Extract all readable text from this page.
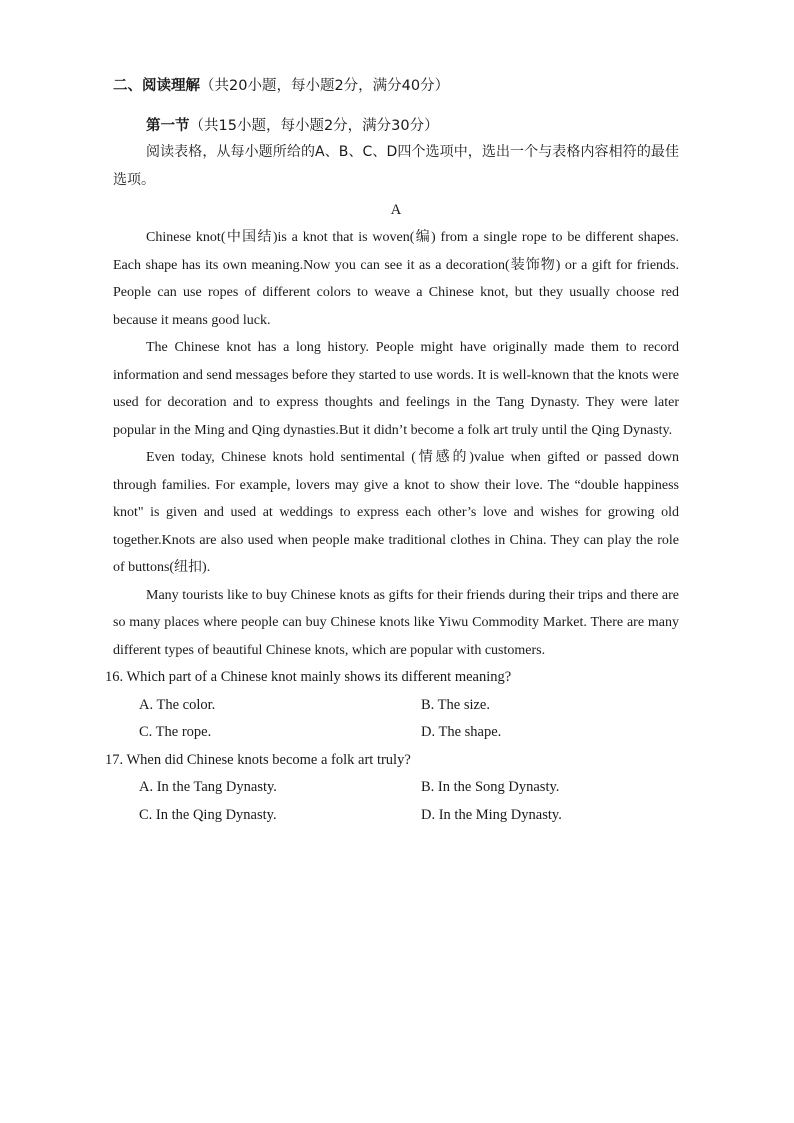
二、阅读理解（共20小题，每小题2分，满分40分）
第一节（共15小题，每小题2分，满分30分）

阅读表格，从每小题所给的A、B、C、D四个选项中，选出一个与表格内容相符的最佳选项。

A

Chinese knot(中国结)is a knot that is woven(编) from a single rope to be different shapes. Each shape has its own meaning.Now you can see it as a decoration(装饰物) or a gift for friends. People can use ropes of different colors to weave a Chinese knot, but they usually choose red because it means good luck.

The Chinese knot has a long history. People might have originally made them to record information and send messages before they started to use words. It is well-known that the knots were used for decoration and to express thoughts and feelings in the Tang Dynasty. They were later popular in the Ming and Qing dynasties.But it didn’t become a folk art truly until the Qing Dynasty.

Even today, Chinese knots hold sentimental (情感的)value when gifted or passed down through families. For example, lovers may give a knot to show their love. The “double happiness knot" is given and used at weddings to express each other’s love and wishes for growing old together.Knots are also used when people make traditional clothes in China. They can play the role of buttons(纽扣).

Many tourists like to buy Chinese knots as gifts for their friends during their trips and there are so many places where people can buy Chinese knots like Yiwu Commodity Market. There are many different types of beautiful Chinese knots, which are popular with customers.

16. Which part of a Chinese knot mainly shows its different meaning?
A. The color.	B. The size.
C. The rope.	D. The shape.
17. When did Chinese knots become a folk art truly?
A. In the Tang Dynasty.	B. In the Song Dynasty.
C. In the Qing Dynasty.	D. In the Ming Dynasty.
